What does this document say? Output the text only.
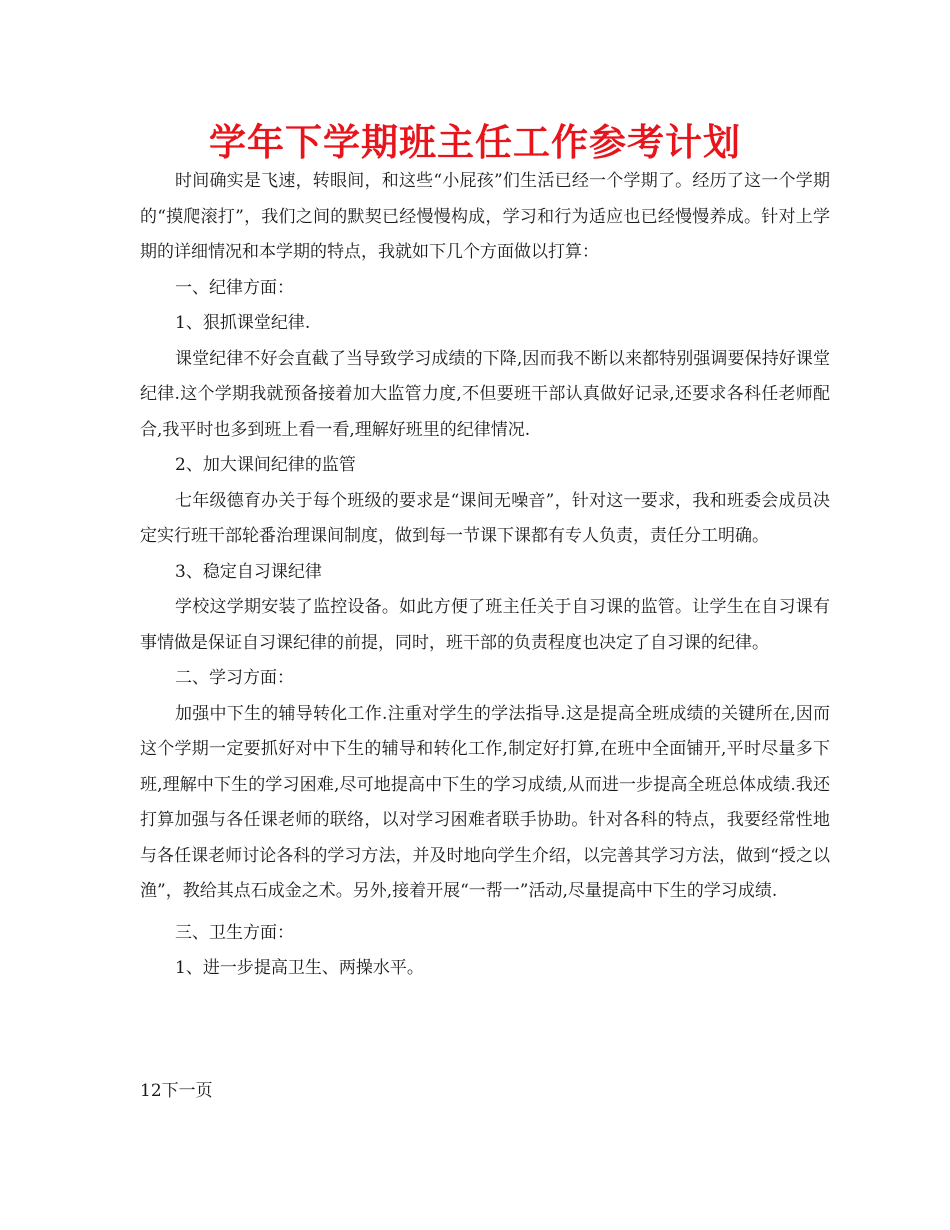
学年下学期班主任工作参考计划

时间确实是飞速，转眼间，和这些“小屁孩”们生活已经一个学期了。经历了这一个学期的“摸爬滚打”，我们之间的默契已经慢慢构成，学习和行为适应也已经慢慢养成。针对上学期的详细情况和本学期的特点，我就如下几个方面做以打算：

一、纪律方面：

1、狠抓课堂纪律.

课堂纪律不好会直截了当导致学习成绩的下降,因而我不断以来都特别强调要保持好课堂纪律.这个学期我就预备接着加大监管力度,不但要班干部认真做好记录,还要求各科任老师配合,我平时也多到班上看一看,理解好班里的纪律情况.

2、加大课间纪律的监管

七年级德育办关于每个班级的要求是“课间无噪音”，针对这一要求，我和班委会成员决定实行班干部轮番治理课间制度，做到每一节课下课都有专人负责，责任分工明确。

3、稳定自习课纪律

学校这学期安装了监控设备。如此方便了班主任关于自习课的监管。让学生在自习课有事情做是保证自习课纪律的前提，同时，班干部的负责程度也决定了自习课的纪律。

二、学习方面：

加强中下生的辅导转化工作.注重对学生的学法指导.这是提高全班成绩的关键所在,因而这个学期一定要抓好对中下生的辅导和转化工作,制定好打算,在班中全面铺开,平时尽量多下班,理解中下生的学习困难,尽可地提高中下生的学习成绩,从而进一步提高全班总体成绩.我还打算加强与各任课老师的联络，以对学习困难者联手协助。针对各科的特点，我要经常性地与各任课老师讨论各科的学习方法，并及时地向学生介绍，以完善其学习方法，做到“授之以渔”，教给其点石成金之术。另外,接着开展“一帮一”活动,尽量提高中下生的学习成绩.

三、卫生方面：

1、进一步提高卫生、两操水平。

12下一页
